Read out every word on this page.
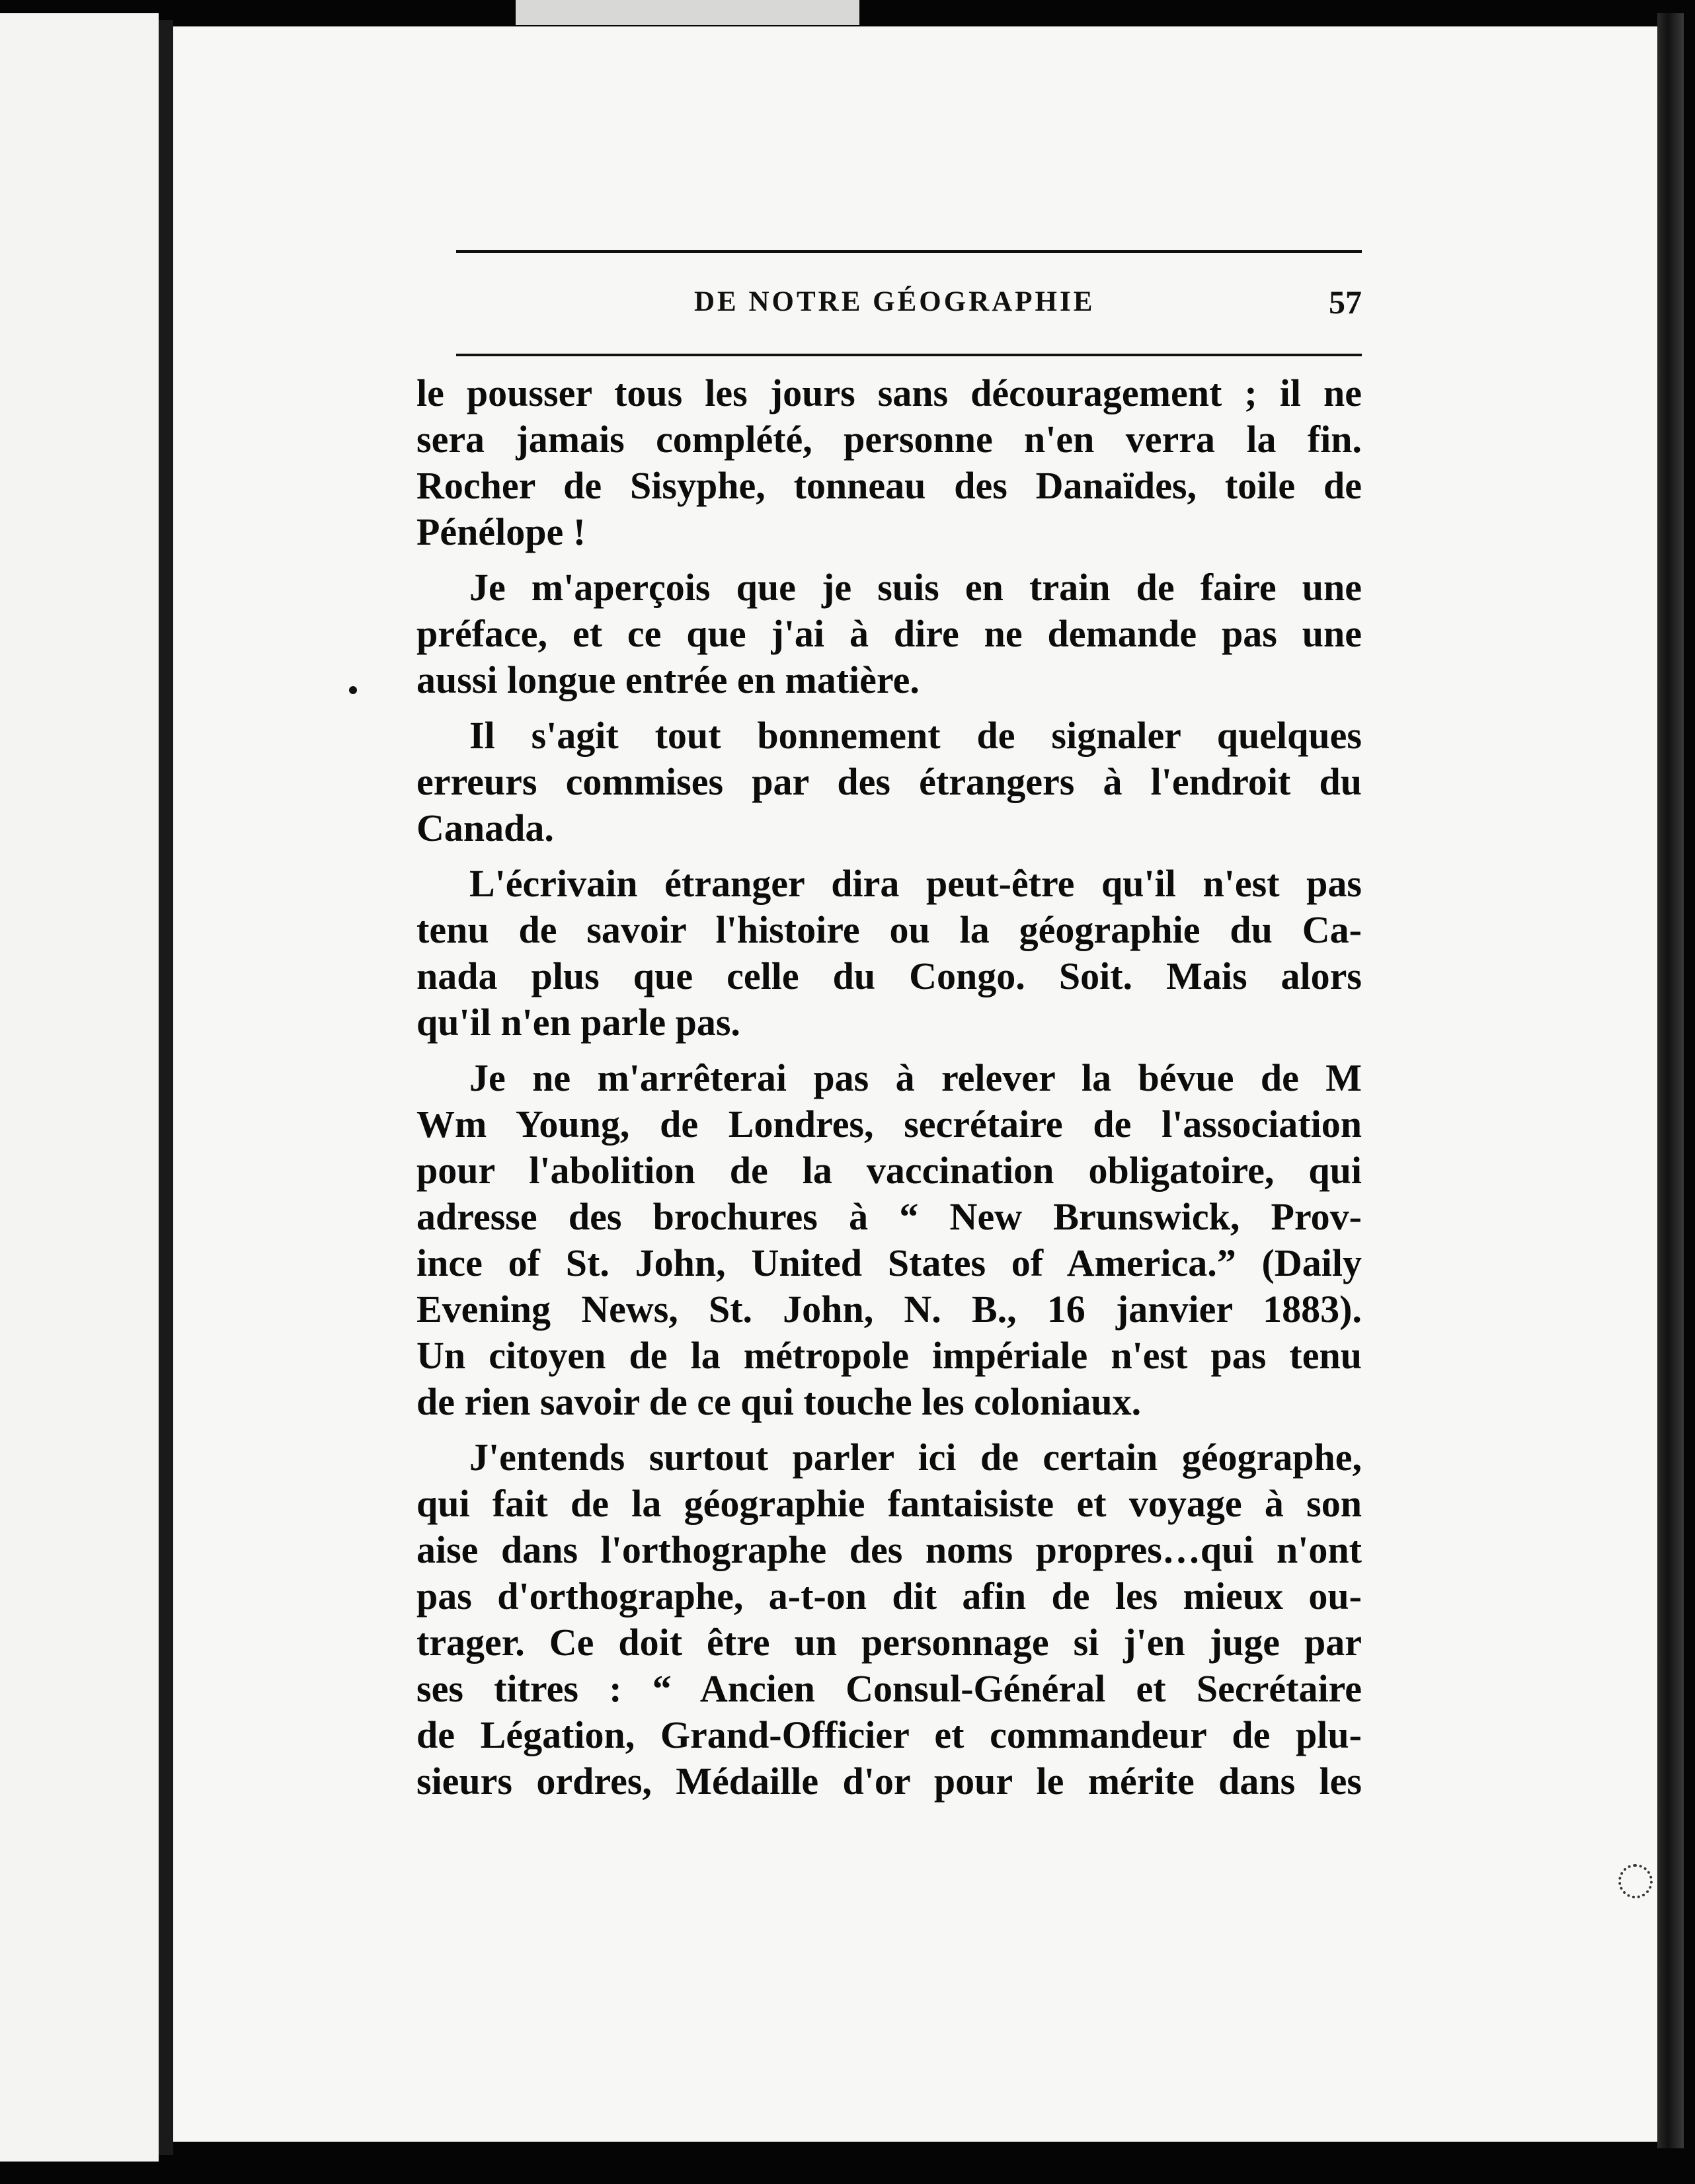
DE NOTRE GÉOGRAPHIE	57
le pousser tous les jours sans découragement ; il ne
sera jamais complété, personne n'en verra la fin.
Rocher de Sisyphe, tonneau des Danaïdes, toile de
Pénélope !
Je m'aperçois que je suis en train de faire une
préface, et ce que j'ai à dire ne demande pas une
aussi longue entrée en matière.
Il s'agit tout bonnement de signaler quelques
erreurs commises par des étrangers à l'endroit du
Canada.
L'écrivain étranger dira peut-être qu'il n'est pas
tenu de savoir l'histoire ou la géographie du Ca-
nada plus que celle du Congo. Soit. Mais alors
qu'il n'en parle pas.
Je ne m'arrêterai pas à relever la bévue de M
Wm Young, de Londres, secrétaire de l'association
pour l'abolition de la vaccination obligatoire, qui
adresse des brochures à “ New Brunswick, Prov-
ince of St. John, United States of America.” (Daily
Evening News, St. John, N. B., 16 janvier 1883).
Un citoyen de la métropole impériale n'est pas tenu
de rien savoir de ce qui touche les coloniaux.
J'entends surtout parler ici de certain géographe,
qui fait de la géographie fantaisiste et voyage à son
aise dans l'orthographe des noms propres…qui n'ont
pas d'orthographe, a-t-on dit afin de les mieux ou-
trager. Ce doit être un personnage si j'en juge par
ses titres : “ Ancien Consul-Général et Secrétaire
de Légation, Grand-Officier et commandeur de plu-
sieurs ordres, Médaille d'or pour le mérite dans les
